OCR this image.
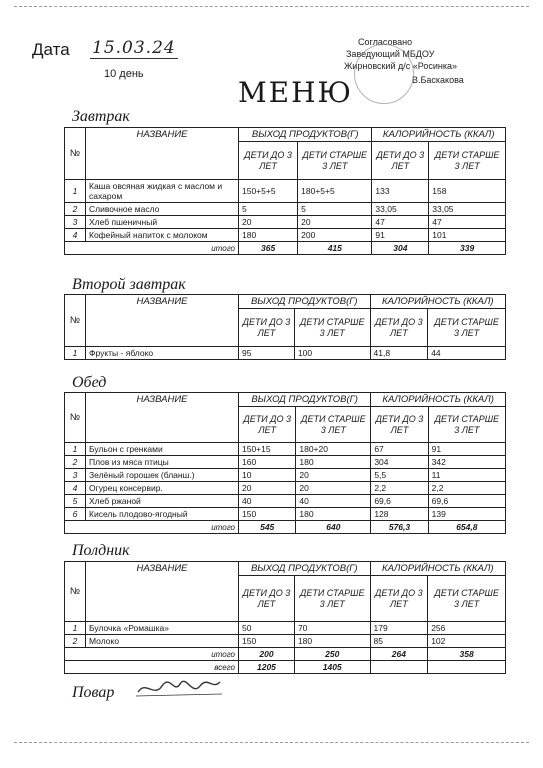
Дата 15.03.24
10 день
МЕНЮ
Согласовано
Заведующий МБДОУ
Жирновский д/с «Росинка»
В.Баскакова
Завтрак
№	НАЗВАНИЕ	ВЫХОД ПРОДУКТОВ(Г)		КАЛОРИЙНОСТЬ (ККАЛ)	
		ДЕТИ ДО 3 ЛЕТ	ДЕТИ СТАРШЕ 3 ЛЕТ	ДЕТИ ДО 3 ЛЕТ	ДЕТИ СТАРШЕ 3 ЛЕТ
1	Каша овсяная жидкая с маслом и сахаром	150+5+5	180+5+5	133	158
2	Сливочное масло	5	5	33,05	33,05
3	Хлеб пшеничный	20	20	47	47
4	Кофейный напиток с молоком	180	200	91	101
итого		365	415	304	339
Второй завтрак
№	НАЗВАНИЕ	ВЫХОД ПРОДУКТОВ(Г)		КАЛОРИЙНОСТЬ (ККАЛ)	
		ДЕТИ ДО 3 ЛЕТ	ДЕТИ СТАРШЕ 3 ЛЕТ	ДЕТИ ДО 3 ЛЕТ	ДЕТИ СТАРШЕ 3 ЛЕТ
1	Фрукты - яблоко	95	100	41,8	44
Обед
№	НАЗВАНИЕ	ВЫХОД ПРОДУКТОВ(Г)		КАЛОРИЙНОСТЬ (ККАЛ)	
		ДЕТИ ДО 3 ЛЕТ	ДЕТИ СТАРШЕ 3 ЛЕТ	ДЕТИ ДО 3 ЛЕТ	ДЕТИ СТАРШЕ 3 ЛЕТ
1	Бульон с гренками	150+15	180+20	67	91
2	Плов из мяса птицы	160	180	304	342
3	Зелёный горошек (бланш.)	10	20	5,5	11
4	Огурец консервир.	20	20	2,2	2,2
5	Хлеб ржаной	40	40	69,6	69,6
6	Кисель плодово-ягодный	150	180	128	139
итого		545	640	576,3	654,8
Полдник
№	НАЗВАНИЕ	ВЫХОД ПРОДУКТОВ(Г)		КАЛОРИЙНОСТЬ (ККАЛ)	
		ДЕТИ ДО 3 ЛЕТ	ДЕТИ СТАРШЕ 3 ЛЕТ	ДЕТИ ДО 3 ЛЕТ	ДЕТИ СТАРШЕ 3 ЛЕТ
1	Булочка «Ромашка»	50	70	179	256
2	Молоко	150	180	85	102
итого		200	250	264	358
всего		1205	1405		
Повар
